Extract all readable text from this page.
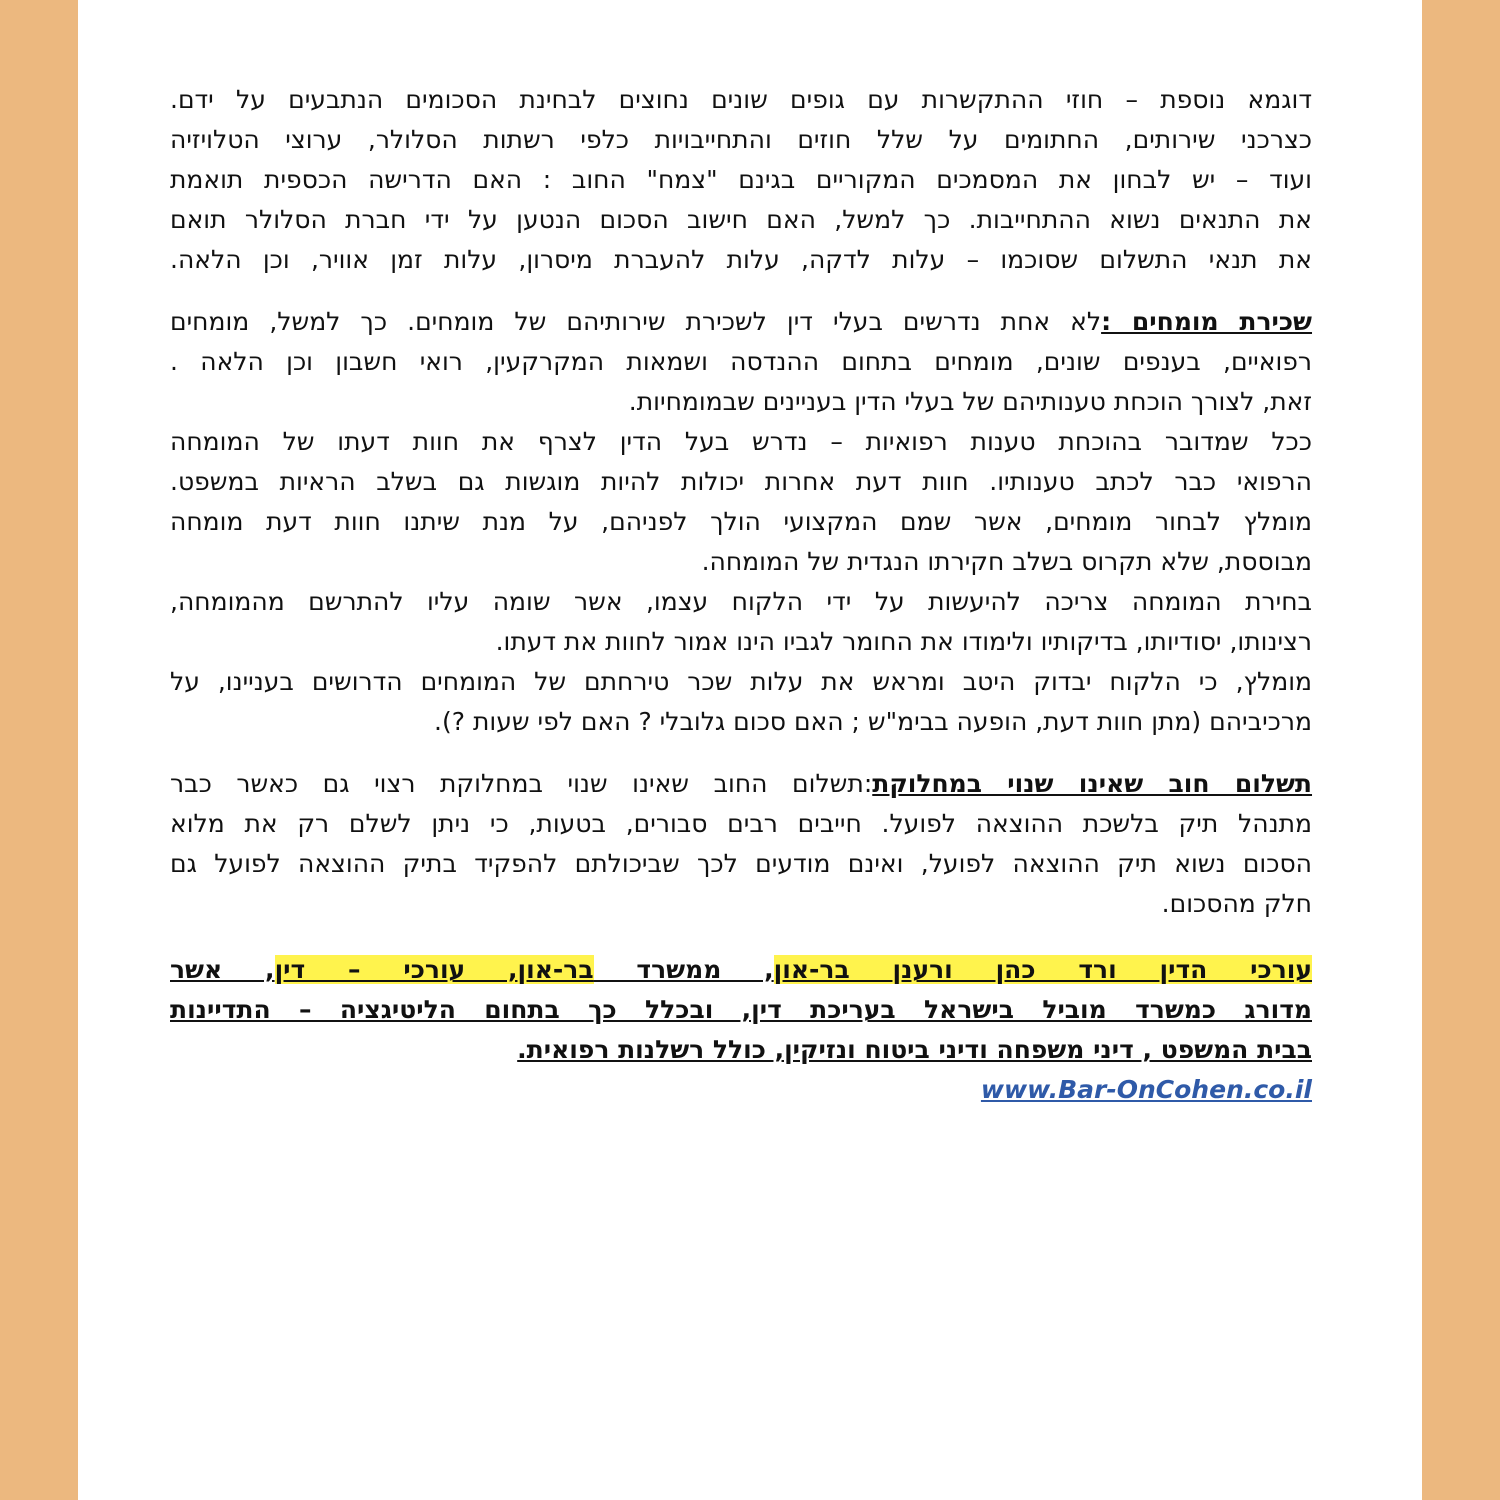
דוגמא נוספת – חוזי ההתקשרות עם גופים שונים נחוצים לבחינת הסכומים הנתבעים על ידם.
כצרכני שירותים, החתומים על שלל חוזים והתחייבויות כלפי רשתות הסלולר, ערוצי הטלויזיה
ועוד – יש לבחון את המסמכים המקוריים בגינם "צמח" החוב : האם הדרישה הכספית תואמת
את התנאים נשוא ההתחייבות. כך למשל, האם חישוב הסכום הנטען על ידי חברת הסלולר תואם
את תנאי התשלום שסוכמו – עלות לדקה, עלות להעברת מיסרון, עלות זמן אוויר, וכן הלאה.
שכירת מומחים :לא אחת נדרשים בעלי דין לשכירת שירותיהם של מומחים. כך למשל, מומחים
רפואיים, בענפים שונים, מומחים בתחום ההנדסה ושמאות המקרקעין, רואי חשבון וכן הלאה .
זאת, לצורך הוכחת טענותיהם של בעלי הדין בעניינים שבמומחיות.
ככל שמדובר בהוכחת טענות רפואיות – נדרש בעל הדין לצרף את חוות דעתו של המומחה
הרפואי כבר לכתב טענותיו. חוות דעת אחרות יכולות להיות מוגשות גם בשלב הראיות במשפט.
מומלץ לבחור מומחים, אשר שמם המקצועי הולך לפניהם, על מנת שיתנו חוות דעת מומחה
מבוססת, שלא תקרוס בשלב חקירתו הנגדית של המומחה.
בחירת המומחה צריכה להיעשות על ידי הלקוח עצמו, אשר שומה עליו להתרשם מהמומחה,
רצינותו, יסודיותו, בדיקותיו ולימודו את החומר לגביו הינו אמור לחוות את דעתו.
מומלץ, כי הלקוח יבדוק היטב ומראש את עלות שכר טירחתם של המומחים הדרושים בעניינו, על
מרכיביהם (מתן חוות דעת, הופעה בבימ"ש ; האם סכום גלובלי ? האם לפי שעות ?).
תשלום חוב שאינו שנוי במחלוקת:תשלום החוב שאינו שנוי במחלוקת רצוי גם כאשר כבר
מתנהל תיק בלשכת ההוצאה לפועל. חייבים רבים סבורים, בטעות, כי ניתן לשלם רק את מלוא
הסכום נשוא תיק ההוצאה לפועל, ואינם מודעים לכך שביכולתם להפקיד בתיק ההוצאה לפועל גם
חלק מהסכום.
עורכי הדין ורד כהן ורענן בר-און, ממשרד בר-און, עורכי – דין, אשר
מדורג כמשרד מוביל בישראל בעריכת דין, ובכלל כך בתחום הליטיגציה – התדיינות
בבית המשפט , דיני משפחה ודיני ביטוח ונזיקין, כולל רשלנות רפואית.
www.Bar-OnCohen.co.il
